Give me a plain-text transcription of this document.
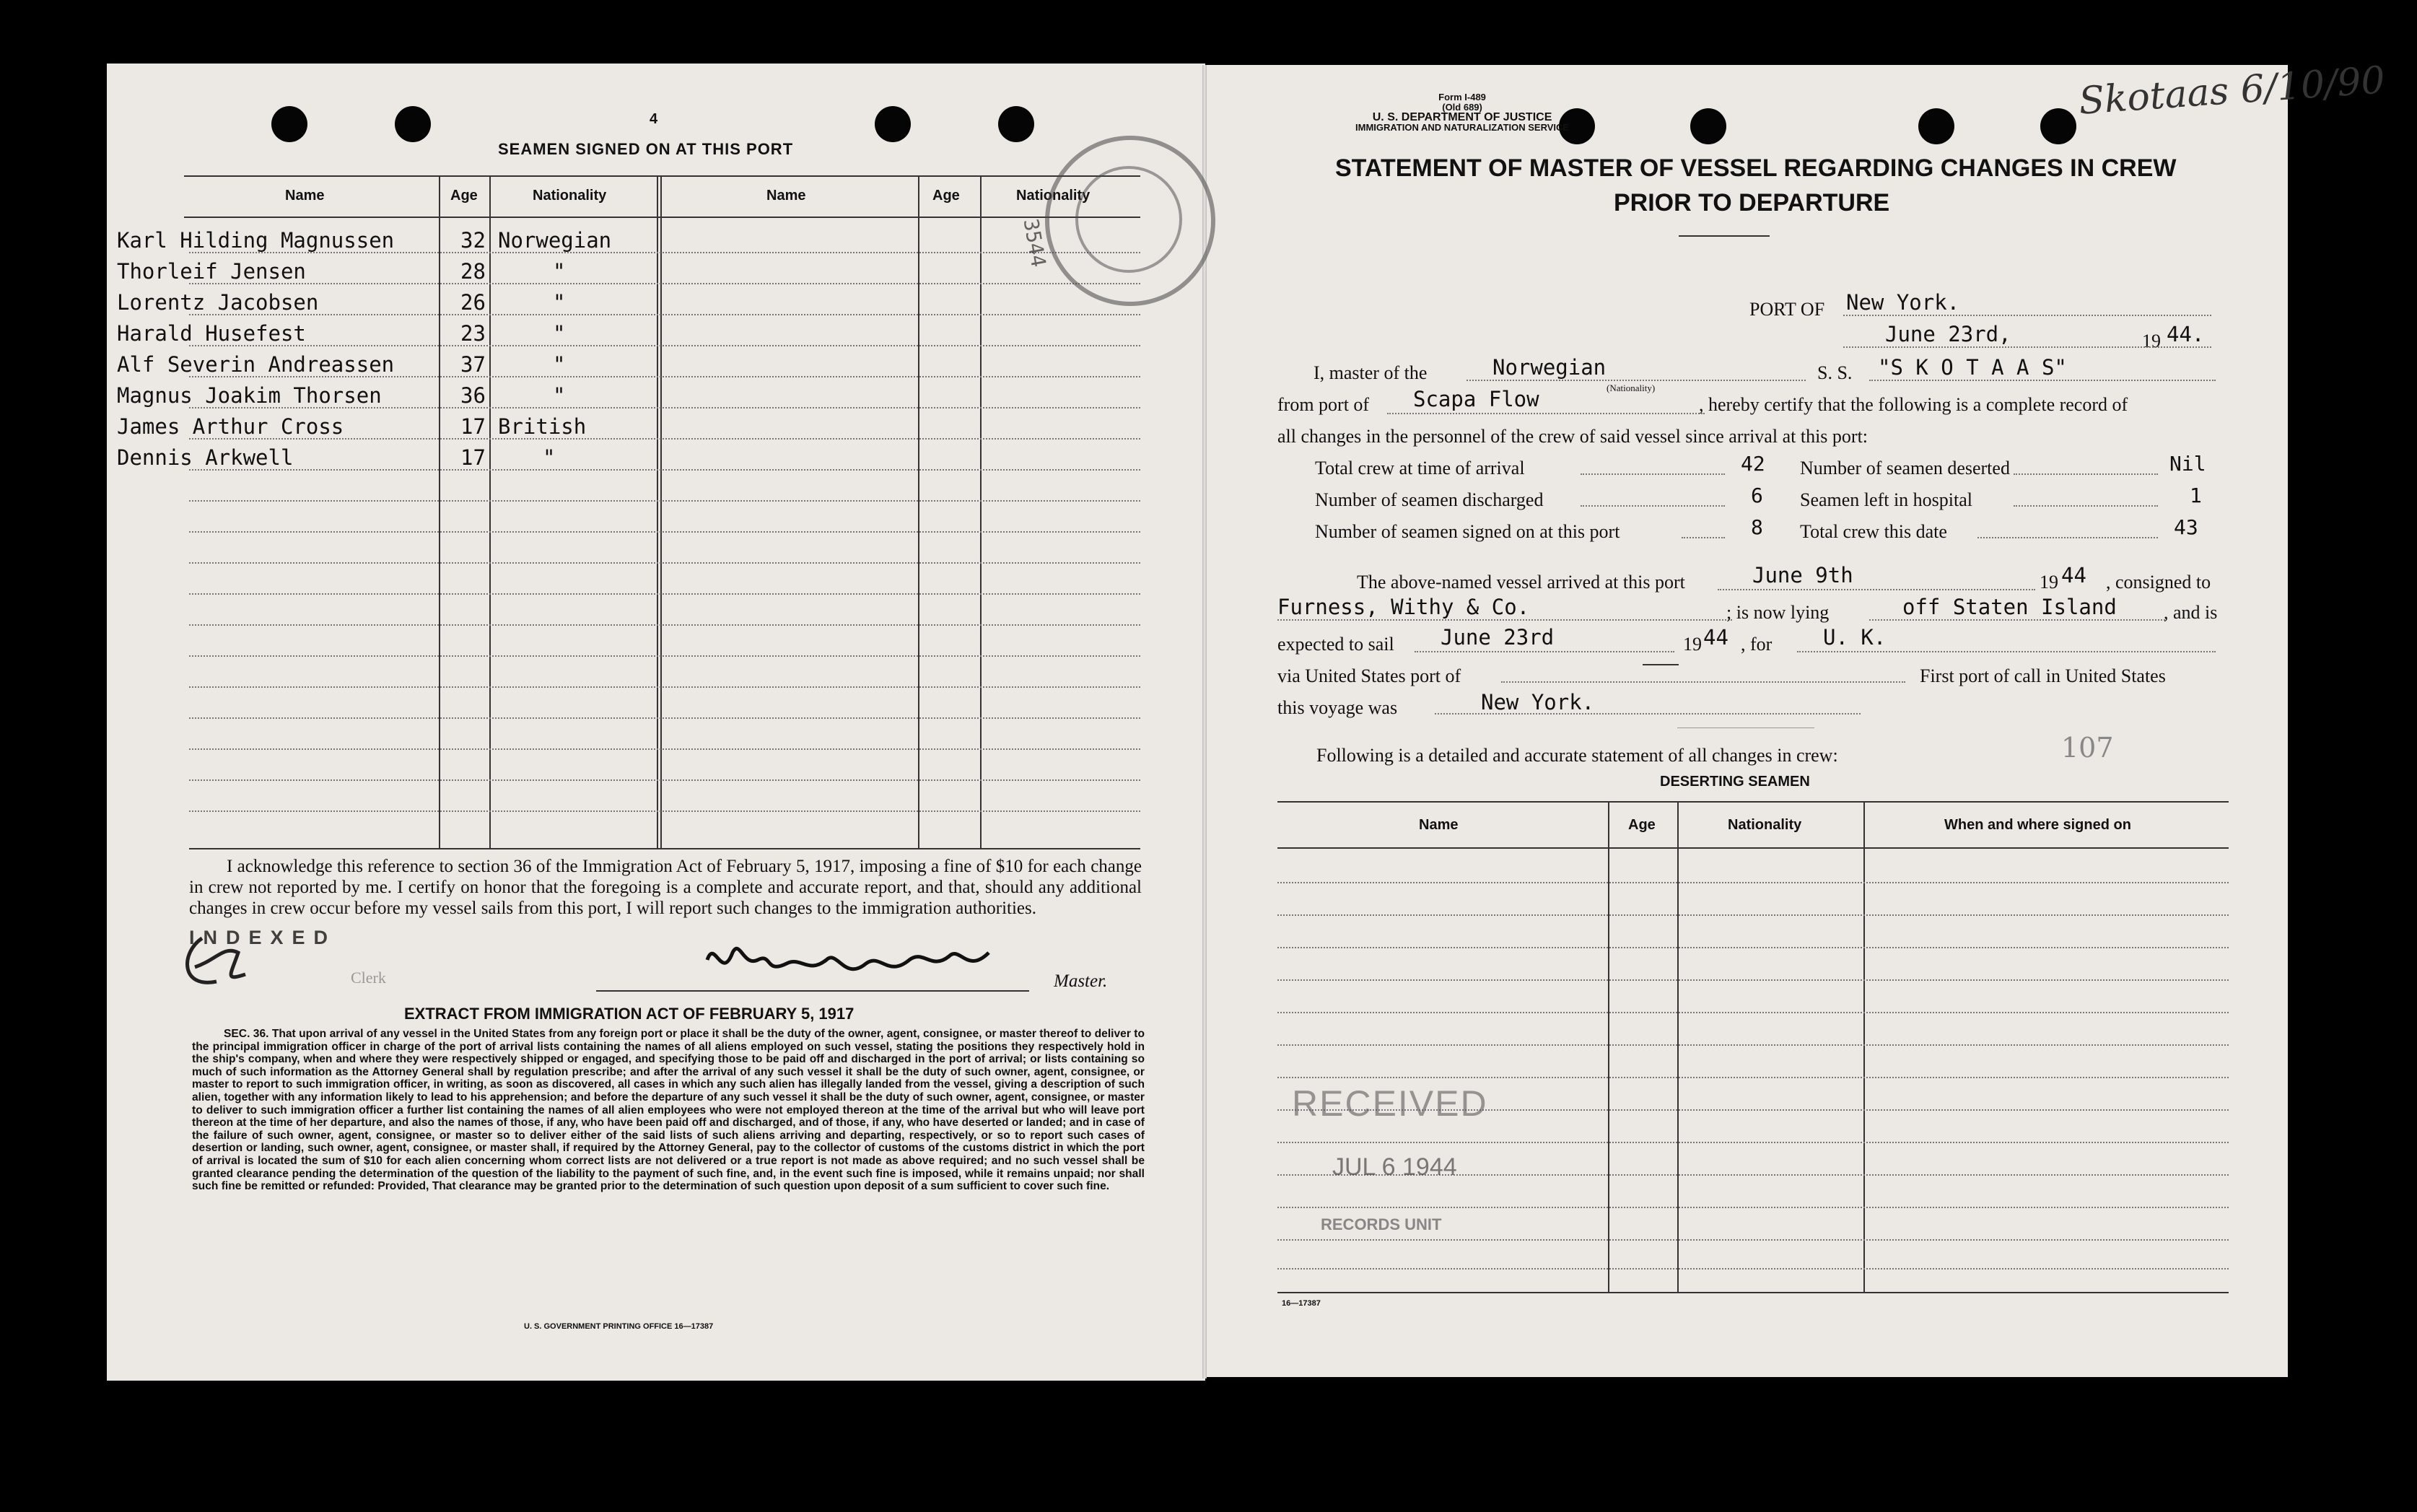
4
SEAMEN SIGNED ON AT THIS PORT
Name	Age	Nationality	Name	Age	Nationality
Karl Hilding Magnussen	32 Norwegian
Thorleif Jensen	28	"
Lorentz Jacobsen	26	"
Harald Husefest	23	"
Alf Severin Andreassen	37	"
Magnus Joakim Thorsen	36	"
James Arthur Cross	17 British
Dennis Arkwell	17	"
3544
I acknowledge this reference to section 36 of the Immigration Act of February 5, 1917, imposing a fine of $10 for each change in crew not reported by me. I certify on honor that the foregoing is a complete and accurate report, and that, should any additional changes in crew occur before my vessel sails from this port, I will report such changes to the immigration authorities.
INDEXED
Clerk	Master.
EXTRACT FROM IMMIGRATION ACT OF FEBRUARY 5, 1917
SEC. 36. That upon arrival of any vessel in the United States from any foreign port or place it shall be the duty of the owner, agent, consignee, or master thereof to deliver to the principal immigration officer in charge of the port of arrival lists containing the names of all aliens employed on such vessel, stating the positions they respectively hold in the ship's company, when and where they were respectively shipped or engaged, and specifying those to be paid off and discharged in the port of arrival; or lists containing so much of such information as the Attorney General shall by regulation prescribe; and after the arrival of any such vessel it shall be the duty of such owner, agent, consignee, or master to report to such immigration officer, in writing, as soon as discovered, all cases in which any such alien has illegally landed from the vessel, giving a description of such alien, together with any information likely to lead to his apprehension; and before the departure of any such vessel it shall be the duty of such owner, agent, consignee, or master to deliver to such immigration officer a further list containing the names of all alien employees who were not employed thereon at the time of the arrival but who will leave port thereon at the time of her departure, and also the names of those, if any, who have been paid off and discharged, and of those, if any, who have deserted or landed; and in case of the failure of such owner, agent, consignee, or master so to deliver either of the said lists of such aliens arriving and departing, respectively, or so to report such cases of desertion or landing, such owner, agent, consignee, or master shall, if required by the Attorney General, pay to the collector of customs of the customs district in which the port of arrival is located the sum of $10 for each alien concerning whom correct lists are not delivered or a true report is not made as above required; and no such vessel shall be granted clearance pending the determination of the question of the liability to the payment of such fine, and, in the event such fine is imposed, while it remains unpaid; nor shall such fine be remitted or refunded: Provided, That clearance may be granted prior to the determination of such question upon deposit of a sum sufficient to cover such fine.
U. S. GOVERNMENT PRINTING OFFICE 16—17387
Form I-489
(Old 689)
U. S. DEPARTMENT OF JUSTICE
IMMIGRATION AND NATURALIZATION SERVICE
STATEMENT OF MASTER OF VESSEL REGARDING CHANGES IN CREW
PRIOR TO DEPARTURE
Skotaas 6/10/90
PORT OF New York.
June 23rd,	19 44.
I, master of the	Norwegian
(Nationality)
S. S. "S K O T A A S"
from port of Scapa Flow	, hereby certify that the following is a complete record of
all changes in the personnel of the crew of said vessel since arrival at this port:
Total crew at time of arrival	42 Number of seamen deserted	Nil
Number of seamen discharged	6 Seamen left in hospital	1
Number of seamen signed on at this port	8 Total crew this date	43
The above-named vessel arrived at this port	June 9th	19 44 , consigned to
Furness, Withy & Co.	; is now lying	off Staten Island	, and is
expected to sail June 23rd	19 44 , for U. K.
via United States port of	First port of call in United States
this voyage was	New York.
Following is a detailed and accurate statement of all changes in crew:	107
DESERTING SEAMEN
Name	Age	Nationality	When and where signed on
RECEIVED
JUL 6 1944
RECORDS UNIT
16—17387
